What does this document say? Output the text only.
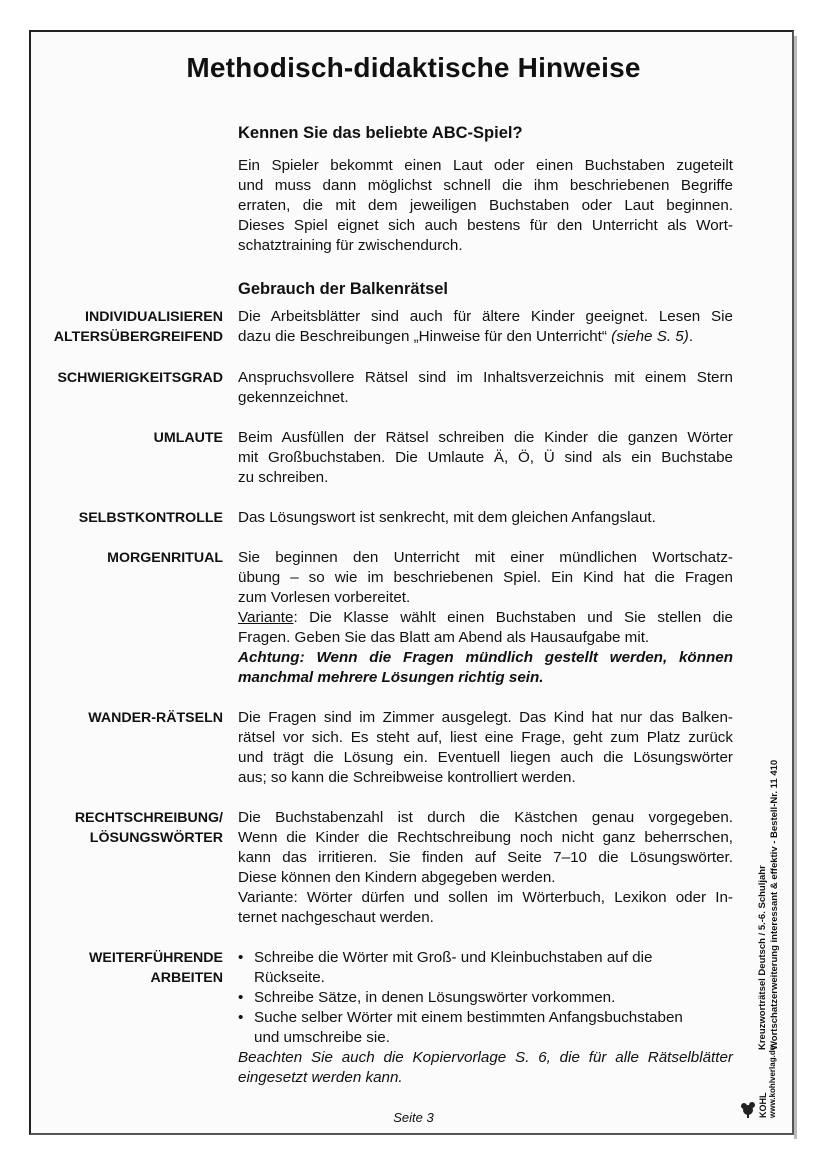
Methodisch-didaktische Hinweise
Kennen Sie das beliebte ABC-Spiel?
Ein Spieler bekommt einen Laut oder einen Buchstaben zugeteilt
und muss dann möglichst schnell die ihm beschriebenen Begriffe
erraten, die mit dem jeweiligen Buchstaben oder Laut beginnen.
Dieses Spiel eignet sich auch bestens für den Unterricht als Wort-
schatztraining für zwischendurch.
Gebrauch der Balkenrätsel
INDIVIDUALISIEREN
ALTERSÜBERGREIFEND
Die Arbeitsblätter sind auch für ältere Kinder geeignet. Lesen Sie
dazu die Beschreibungen „Hinweise für den Unterricht“ (siehe S. 5).
SCHWIERIGKEITSGRAD Anspruchsvollere Rätsel sind im Inhaltsverzeichnis mit einem Stern
gekennzeichnet.
UMLAUTE Beim Ausfüllen der Rätsel schreiben die Kinder die ganzen Wörter
mit Großbuchstaben. Die Umlaute Ä, Ö, Ü sind als ein Buchstabe
zu schreiben.
SELBSTKONTROLLE Das Lösungswort ist senkrecht, mit dem gleichen Anfangslaut.
MORGENRITUAL Sie beginnen den Unterricht mit einer mündlichen Wortschatz-
übung – so wie im beschriebenen Spiel. Ein Kind hat die Fragen
zum Vorlesen vorbereitet.
Variante: Die Klasse wählt einen Buchstaben und Sie stellen die
Fragen. Geben Sie das Blatt am Abend als Hausaufgabe mit.
Achtung: Wenn die Fragen mündlich gestellt werden, können
manchmal mehrere Lösungen richtig sein.
WANDER-RÄTSELN Die Fragen sind im Zimmer ausgelegt. Das Kind hat nur das Balken-
rätsel vor sich. Es steht auf, liest eine Frage, geht zum Platz zurück
und trägt die Lösung ein. Eventuell liegen auch die Lösungswörter
aus; so kann die Schreibweise kontrolliert werden.
RECHTSCHREIBUNG/
LÖSUNGSWÖRTER
Die Buchstabenzahl ist durch die Kästchen genau vorgegeben.
Wenn die Kinder die Rechtschreibung noch nicht ganz beherrschen,
kann das irritieren. Sie finden auf Seite 7–10 die Lösungswörter.
Diese können den Kindern abgegeben werden.
Variante: Wörter dürfen und sollen im Wörterbuch, Lexikon oder In-
ternet nachgeschaut werden.
WEITERFÜHRENDE
ARBEITEN
• Schreibe die Wörter mit Groß- und Kleinbuchstaben auf die
Rückseite.
• Schreibe Sätze, in denen Lösungswörter vorkommen.
• Suche selber Wörter mit einem bestimmten Anfangsbuchstaben
und umschreibe sie.
Beachten Sie auch die Kopiervorlage S. 6, die für alle Rätselblätter
eingesetzt werden kann.
Seite 3
Kreuzworträtsel Deutsch / 5.-6. Schuljahr
www.kohlverlag.de
KOHL
